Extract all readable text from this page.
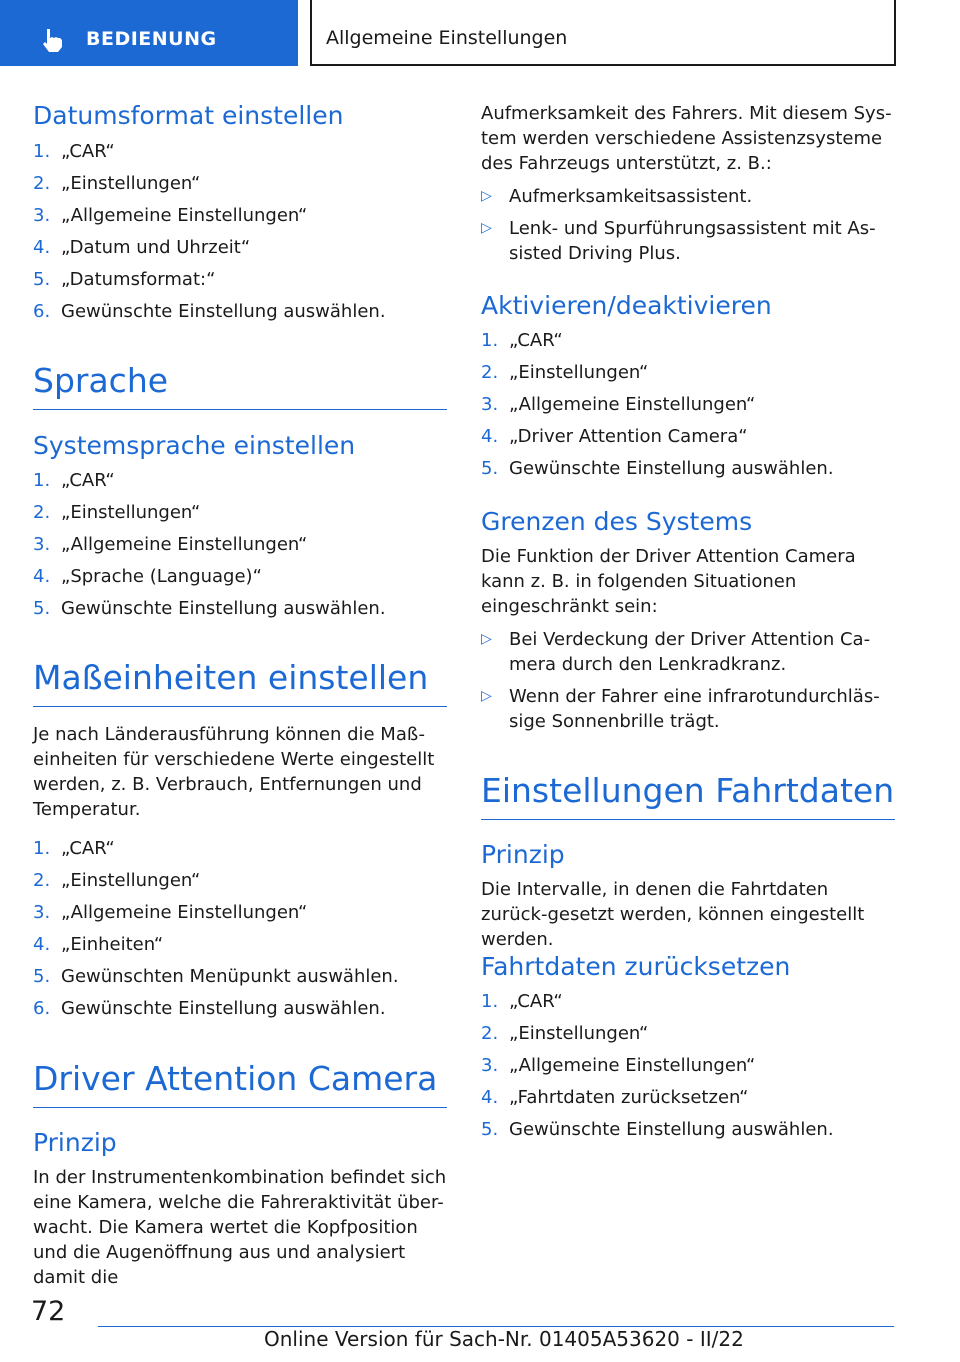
BEDIENUNG	Allgemeine Einstellungen
Datumsformat einstellen
1. „CAR“
2. „Einstellungen“
3. „Allgemeine Einstellungen“
4. „Datum und Uhrzeit“
5. „Datumsformat:“
6. Gewünschte Einstellung auswählen.
Sprache
Systemsprache einstellen
1. „CAR“
2. „Einstellungen“
3. „Allgemeine Einstellungen“
4. „Sprache (Language)“
5. Gewünschte Einstellung auswählen.
Maßeinheiten einstellen
Je nach Länderausführung können die Maß-einheiten für verschiedene Werte eingestellt werden, z. B. Verbrauch, Entfernungen und Temperatur.
1. „CAR“
2. „Einstellungen“
3. „Allgemeine Einstellungen“
4. „Einheiten“
5. Gewünschten Menüpunkt auswählen.
6. Gewünschte Einstellung auswählen.
Driver Attention Camera
Prinzip
In der Instrumentenkombination befindet sich eine Kamera, welche die Fahreraktivität über-wacht. Die Kamera wertet die Kopfposition und die Augenöffnung aus und analysiert damit die
Aufmerksamkeit des Fahrers. Mit diesem Sys-tem werden verschiedene Assistenzsysteme des Fahrzeugs unterstützt, z. B.:
▷ Aufmerksamkeitsassistent.
▷ Lenk- und Spurführungsassistent mit As-sisted Driving Plus.
Aktivieren/deaktivieren
1. „CAR“
2. „Einstellungen“
3. „Allgemeine Einstellungen“
4. „Driver Attention Camera“
5. Gewünschte Einstellung auswählen.
Grenzen des Systems
Die Funktion der Driver Attention Camera kann z. B. in folgenden Situationen eingeschränkt sein:
▷ Bei Verdeckung der Driver Attention Ca-mera durch den Lenkradkranz.
▷ Wenn der Fahrer eine infrarotundurchläs-sige Sonnenbrille trägt.
Einstellungen Fahrtdaten
Prinzip
Die Intervalle, in denen die Fahrtdaten zurück-gesetzt werden, können eingestellt werden.
Fahrtdaten zurücksetzen
1. „CAR“
2. „Einstellungen“
3. „Allgemeine Einstellungen“
4. „Fahrtdaten zurücksetzen“
5. Gewünschte Einstellung auswählen.
72
Online Version für Sach-Nr. 01405A53620 - II/22
